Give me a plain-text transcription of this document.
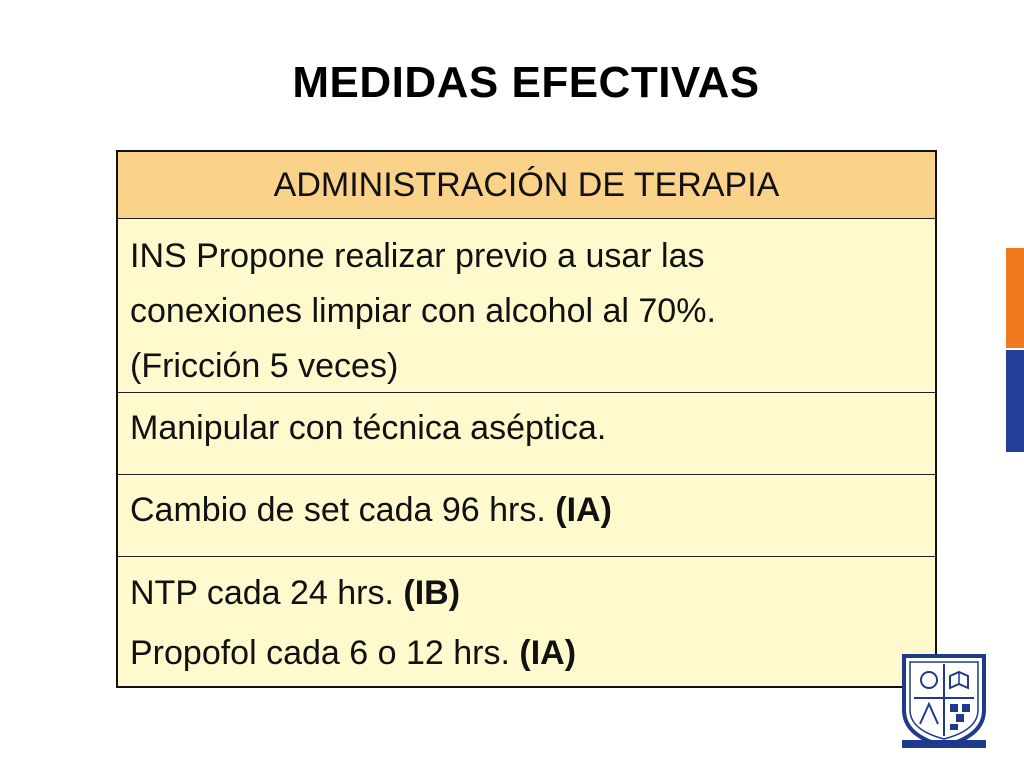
MEDIDAS EFECTIVAS
ADMINISTRACIÓN DE TERAPIA
INS Propone realizar previo a usar las
conexiones limpiar con alcohol al 70%.
(Fricción 5 veces)
Manipular con técnica aséptica.
Cambio de set cada 96 hrs. (IA)
NTP cada 24 hrs. (IB)
Propofol cada 6 o 12 hrs. (IA)
